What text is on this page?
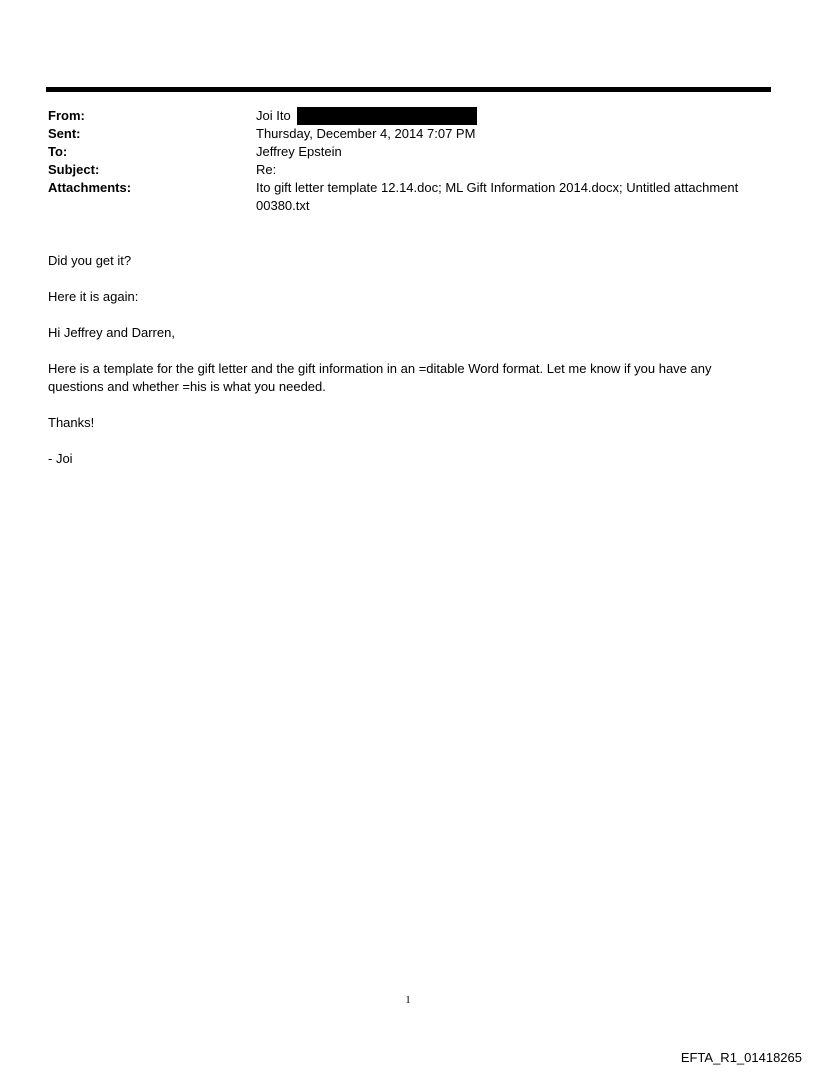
From:	Joi Ito
Sent:	Thursday, December 4, 2014 7:07 PM
To:	Jeffrey Epstein
Subject:	Re:
Attachments:	Ito gift letter template 12.14.doc; ML Gift Information 2014.docx; Untitled attachment 00380.txt

Did you get it?

Here it is again:

Hi Jeffrey and Darren,

Here is a template for the gift letter and the gift information in an =ditable Word format. Let me know if you have any questions and whether =his is what you needed.

Thanks!

- Joi

1
EFTA_R1_01418265
